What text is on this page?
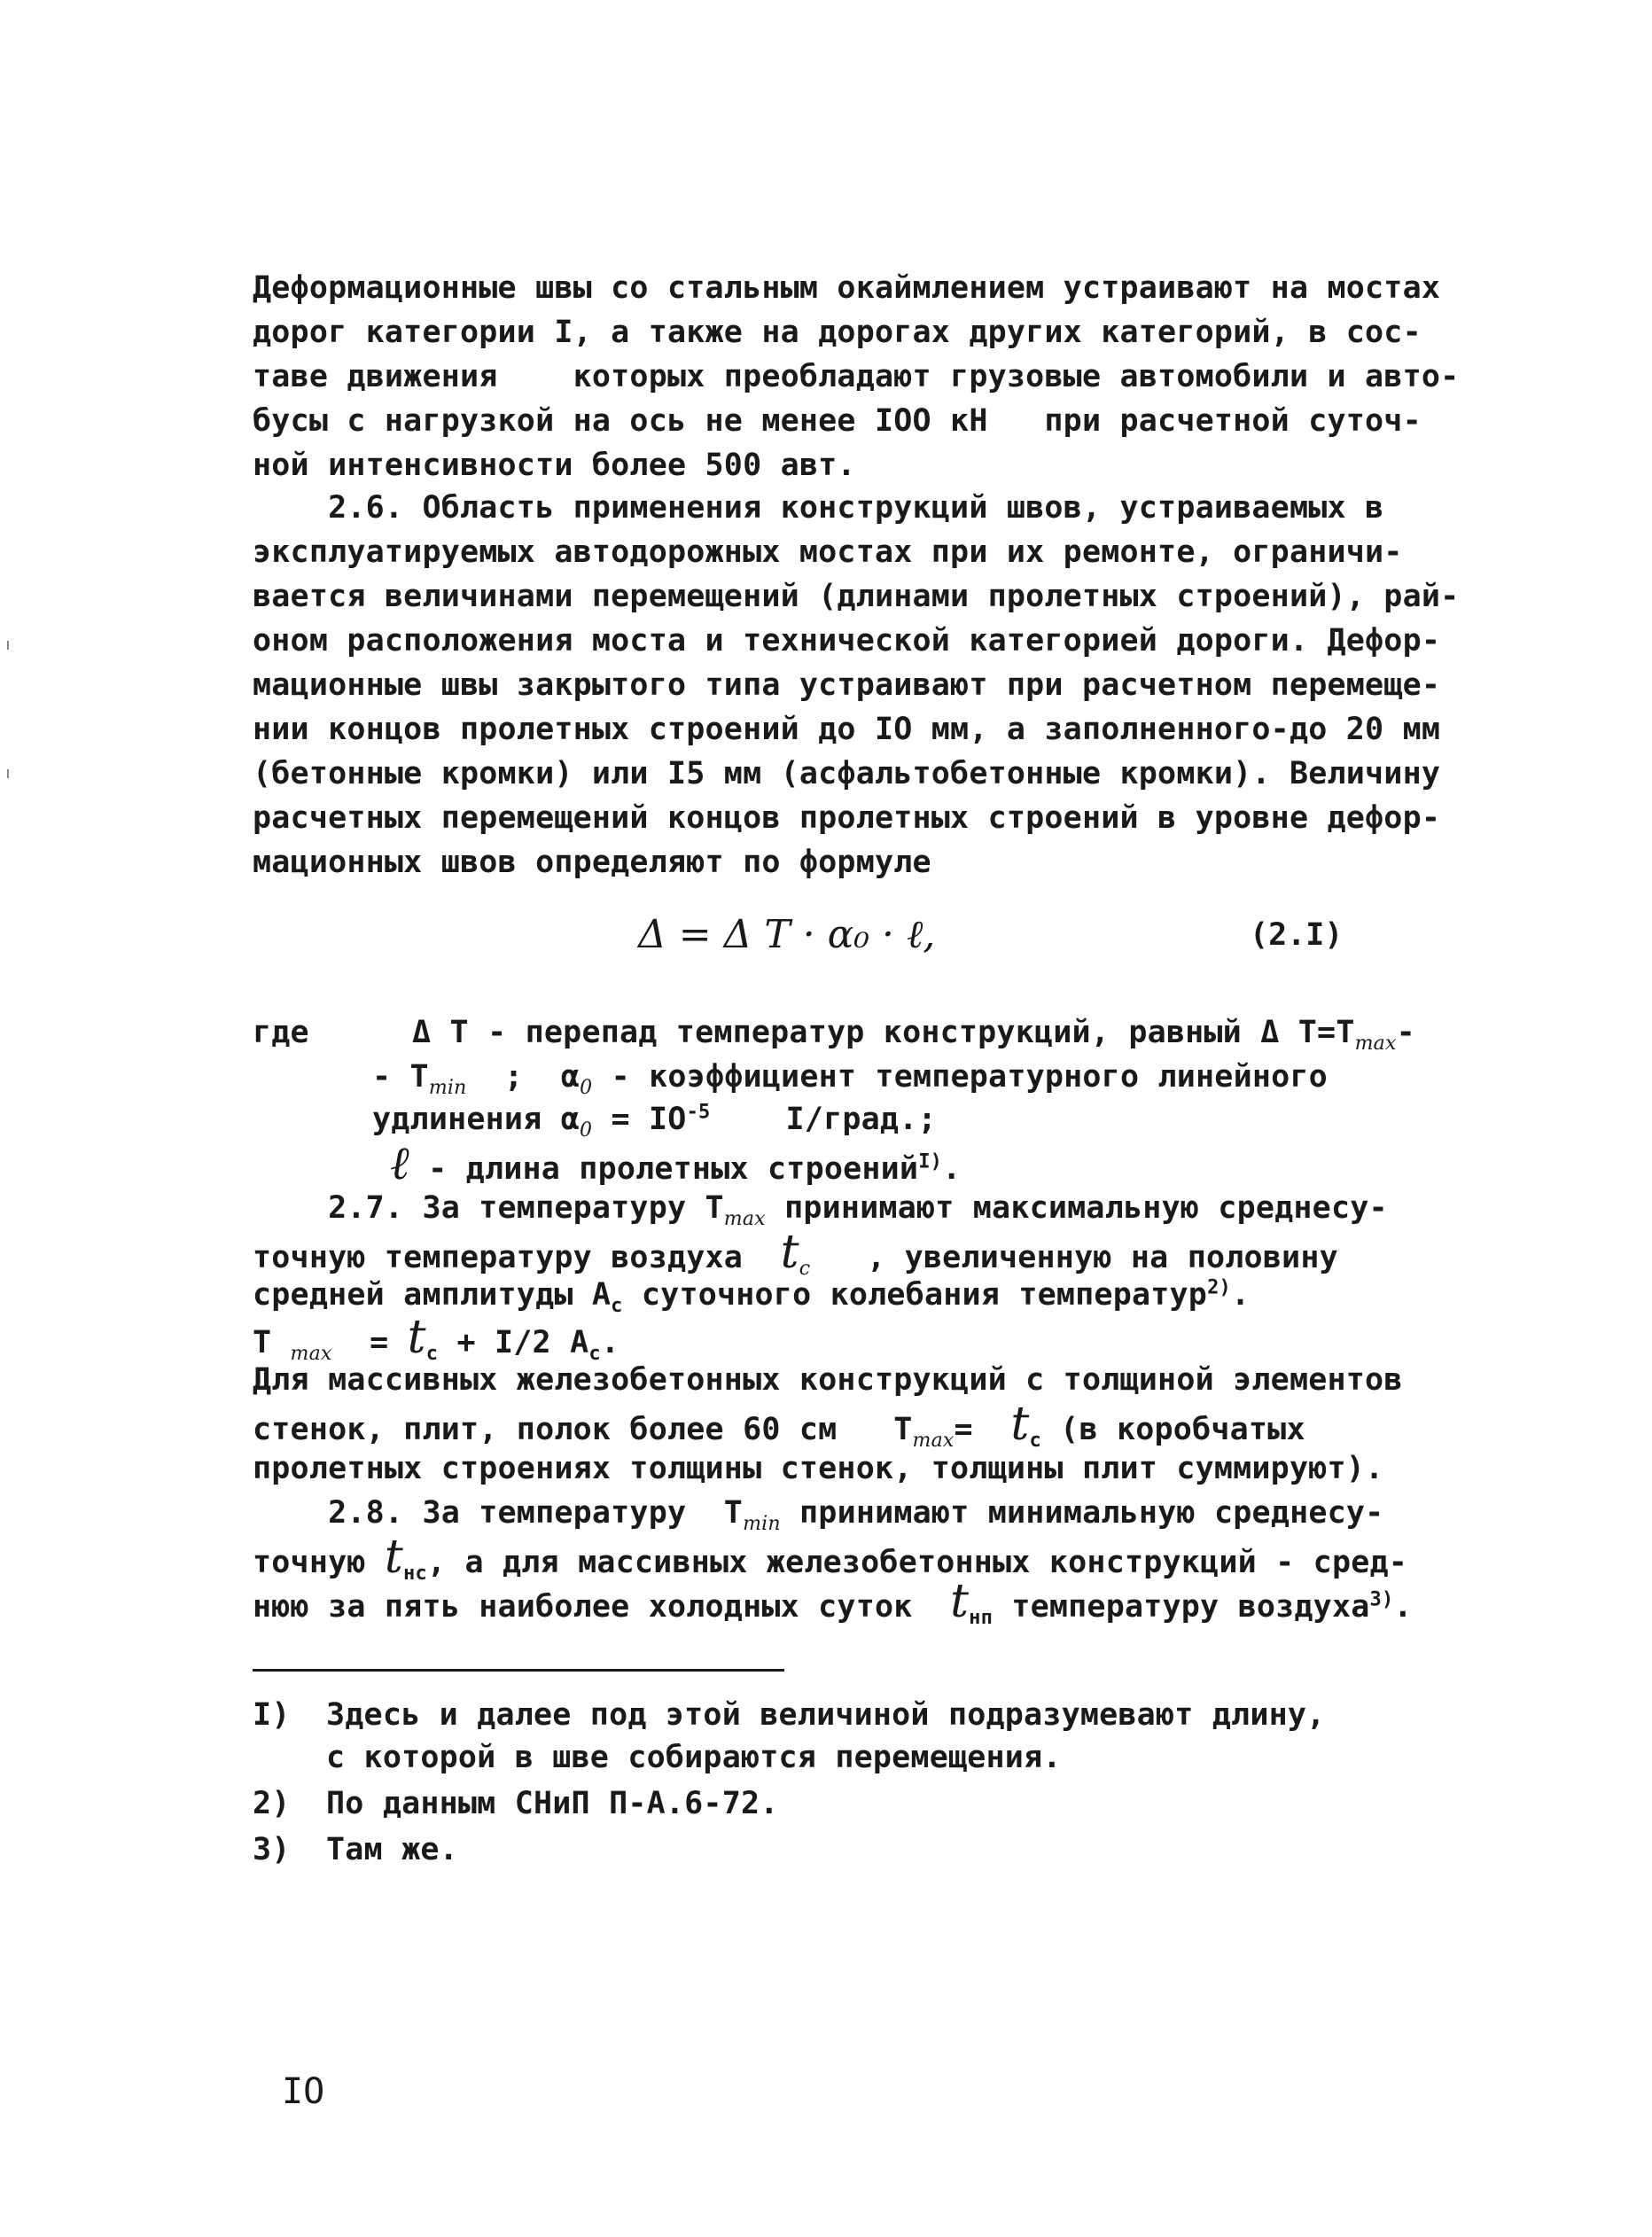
Деформационные швы со стальным окаймлением устраивают на мостах
дорог категории I, а также на дорогах других категорий, в сос-
таве движения    которых преобладают грузовые автомобили и авто-
бусы с нагрузкой на ось не менее IOO кН   при расчетной суточ-
ной интенсивности более 500 авт.
2.6. Область применения конструкций швов, устраиваемых в
эксплуатируемых автодорожных мостах при их ремонте, ограничи-
вается величинами перемещений (длинами пролетных строений), рай-
оном расположения моста и технической категорией дороги. Дефор-
мационные швы закрытого типа устраивают при расчетном перемеще-
нии концов пролетных строений до IO мм, а заполненного-до 20 мм
(бетонные кромки) или I5 мм (асфальтобетонные кромки). Величину
расчетных перемещений концов пролетных строений в уровне дефор-
мационных швов определяют по формуле
Δ = Δ T · α₀ · ℓ,	(2.I)
где	Δ T - перепад температур конструкций, равный Δ $T=T_{max}-$
- $T_{min}$  ;  $\alpha_0$ - коэффициент температурного линейного
удлинения $\alpha_0 = IO^{-5}$    I/град.;
ℓ - длина пролетных строений$^{I)}$.
2.7. За температуру $T_{max}$ принимают максимальную среднесу-
точную температуру воздуха  $t_c$   , увеличенную на половину
средней амплитуды $A_c$ суточного колебания температур$^{2)}$.
T $_{max} = t_c + I/2$ $A_c$.
Для массивных железобетонных конструкций с толщиной элементов
стенок, плит, полок более 60 см   $T_{max}= t_c$ (в коробчатых
пролетных строениях толщины стенок, толщины плит суммируют).
2.8. За температуру  $T_{min}$ принимают минимальную среднесу-
точную $t_{нс}$, а для массивных железобетонных конструкций - сред-
нюю за пять наиболее холодных суток  $t_{нп}$ температуру воздуха$^{3)}$.
I) Здесь и далее под этой величиной подразумевают длину,
с которой в шве собираются перемещения.
2) По данным СНиП П-А.6-72.
3) Там же.
IO
